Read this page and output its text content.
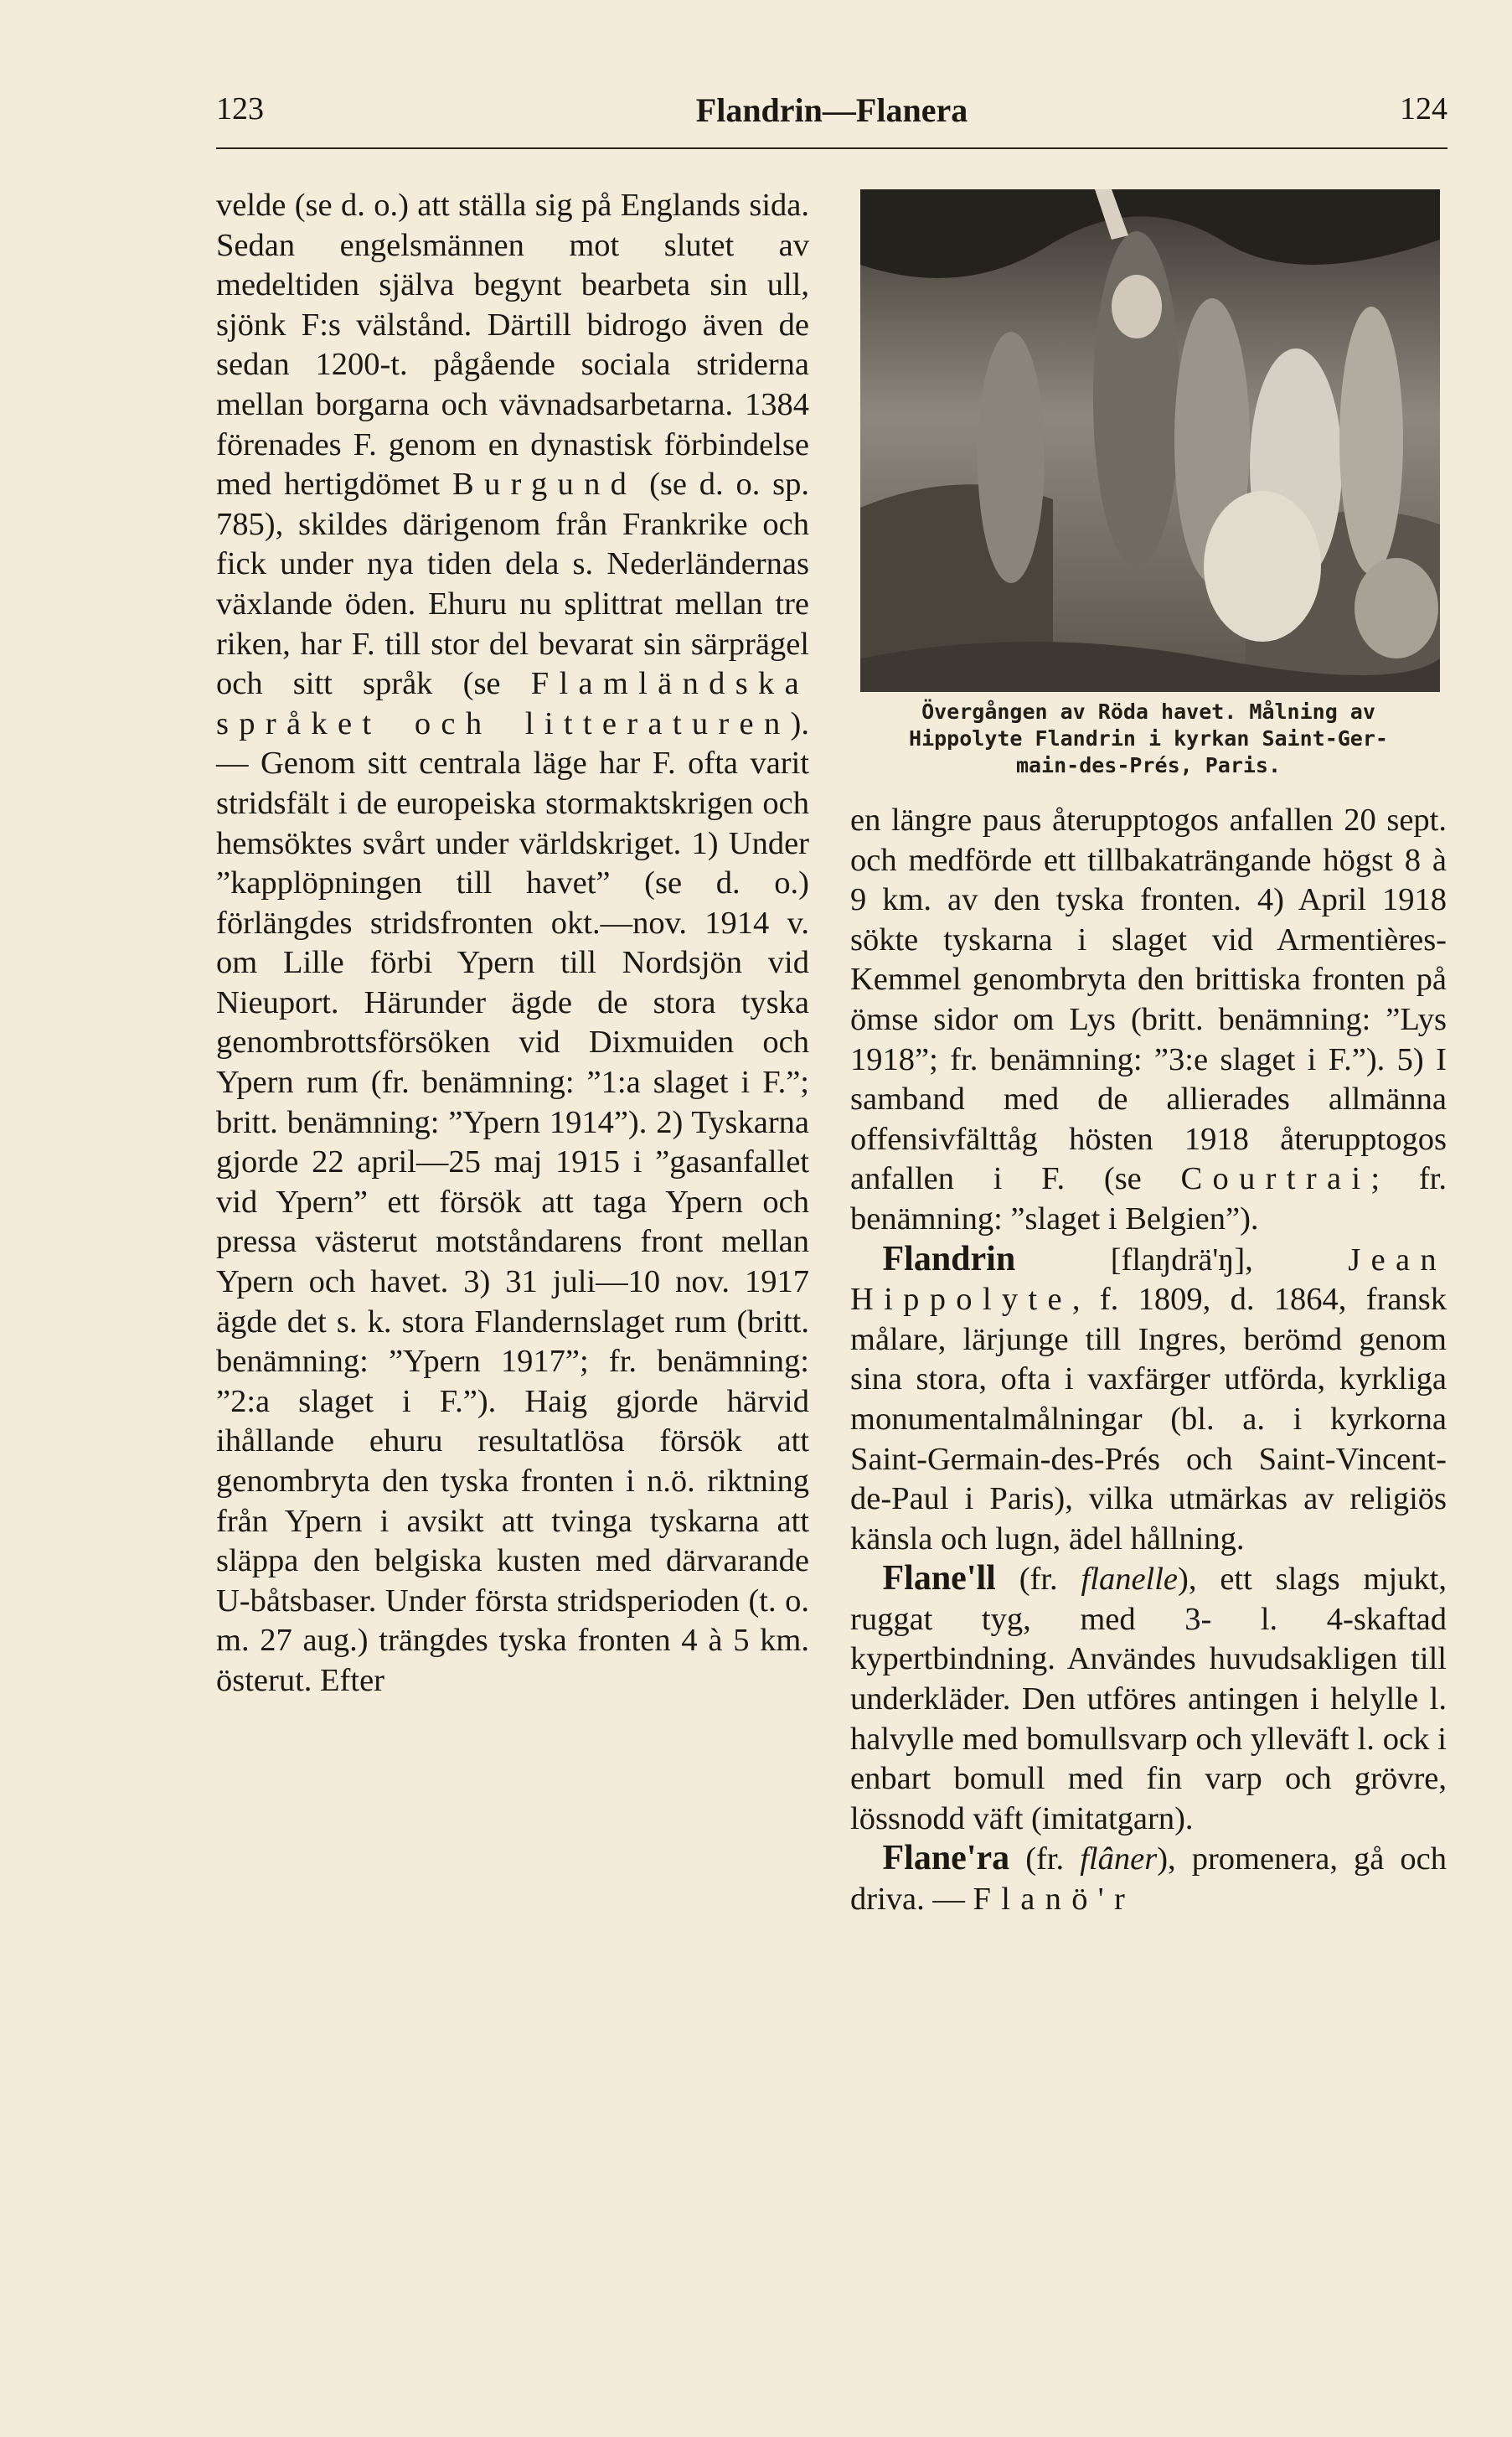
123	Flandrin—Flanera	124

velde (se d. o.) att ställa sig på Englands sida. Sedan engelsmännen mot slutet av medeltiden själva begynt bearbeta sin ull, sjönk F:s välstånd. Därtill bidrogo även de sedan 1200-t. pågående sociala striderna mellan borgarna och vävnadsarbetarna. 1384 förenades F. genom en dynastisk förbindelse med hertigdömet Burgund (se d. o. sp. 785), skildes därigenom från Frankrike och fick under nya tiden dela s. Nederländernas växlande öden. Ehuru nu splittrat mellan tre riken, har F. till stor del bevarat sin särprägel och sitt språk (se Flamländska språket och litteraturen). — Genom sitt centrala läge har F. ofta varit stridsfält i de europeiska stormaktskrigen och hemsöktes svårt under världskriget. 1) Under ”kapplöpningen till havet” (se d. o.) förlängdes stridsfronten okt.—nov. 1914 v. om Lille förbi Ypern till Nordsjön vid Nieuport. Härunder ägde de stora tyska genombrottsförsöken vid Dixmuiden och Ypern rum (fr. benämning: ”1:a slaget i F.”; britt. benämning: ”Ypern 1914”). 2) Tyskarna gjorde 22 april—25 maj 1915 i ”gasanfallet vid Ypern” ett försök att taga Ypern och pressa västerut motståndarens front mellan Ypern och havet. 3) 31 juli—10 nov. 1917 ägde det s. k. stora Flandernslaget rum (britt. benämning: ”Ypern 1917”; fr. benämning: ”2:a slaget i F.”). Haig gjorde härvid ihållande ehuru resultatlösa försök att genombryta den tyska fronten i n.ö. riktning från Ypern i avsikt att tvinga tyskarna att släppa den belgiska kusten med därvarande U-båtsbaser. Under första stridsperioden (t. o. m. 27 aug.) trängdes tyska fronten 4 à 5 km. österut. Efter

Övergången av Röda havet. Målning av

Hippolyte Flandrin i kyrkan Saint-Ger-

main-des-Prés, Paris.

en längre paus återupptogos anfallen 20 sept. och medförde ett tillbakaträngande högst 8 à 9 km. av den tyska fronten. 4) April 1918 sökte tyskarna i slaget vid Armentières-Kemmel genombryta den brittiska fronten på ömse sidor om Lys (britt. benämning: ”Lys 1918”; fr. benämning: ”3:e slaget i F.”). 5) I samband med de allierades allmänna offensivfälttåg hösten 1918 återupptogos anfallen i F. (se Courtrai; fr. benämning: ”slaget i Belgien”).

 Flandrin [flaŋdrä'ŋ], Jean Hippolyte, f. 1809, d. 1864, fransk målare, lärjunge till Ingres, berömd genom sina stora, ofta i vaxfärger utförda, kyrkliga monumentalmålningar (bl. a. i kyrkorna Saint-Germain-des-Prés och Saint-Vincent-de-Paul i Paris), vilka utmärkas av religiös känsla och lugn, ädel hållning.

 Flane'll (fr. flanelle), ett slags mjukt, ruggat tyg, med 3- l. 4-skaftad kypertbindning. Användes huvudsakligen till underkläder. Den utföres antingen i helylle l. halvylle med bomullsvarp och ylleväft l. ock i enbart bomull med fin varp och grövre, lössnodd väft (imitatgarn).

 Flane'ra (fr. flâner), promenera, gå och driva. — Flanö'r
